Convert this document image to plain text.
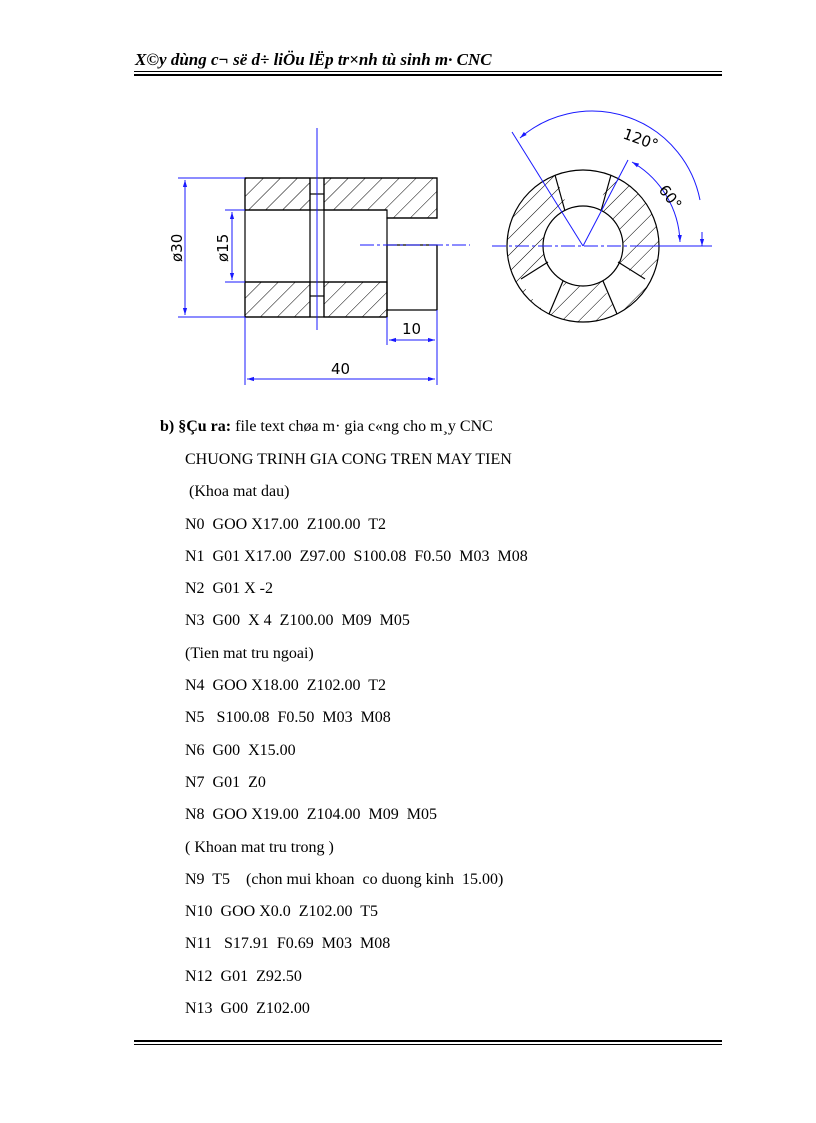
X©y dùng c¬ së d÷ liÖu lËp tr×nh tù sinh m· CNC
ø30 ø15
10
40
120°
60°
b) §Çu ra: file text chøa m· gia c«ng cho m¸y CNC
CHUONG TRINH GIA CONG TREN MAY TIEN
(Khoa mat dau)
N0  GOO X17.00  Z100.00  T2
N1  G01 X17.00  Z97.00  S100.08  F0.50  M03  M08
N2  G01 X -2
N3  G00  X 4  Z100.00  M09  M05
(Tien mat tru ngoai)
N4  GOO X18.00  Z102.00  T2
N5   S100.08  F0.50  M03  M08
N6  G00  X15.00
N7  G01  Z0
N8  GOO X19.00  Z104.00  M09  M05
( Khoan mat tru trong )
N9  T5    (chon mui khoan  co duong kinh  15.00)
N10  GOO X0.0  Z102.00  T5
N11   S17.91  F0.69  M03  M08
N12  G01  Z92.50
N13  G00  Z102.00
